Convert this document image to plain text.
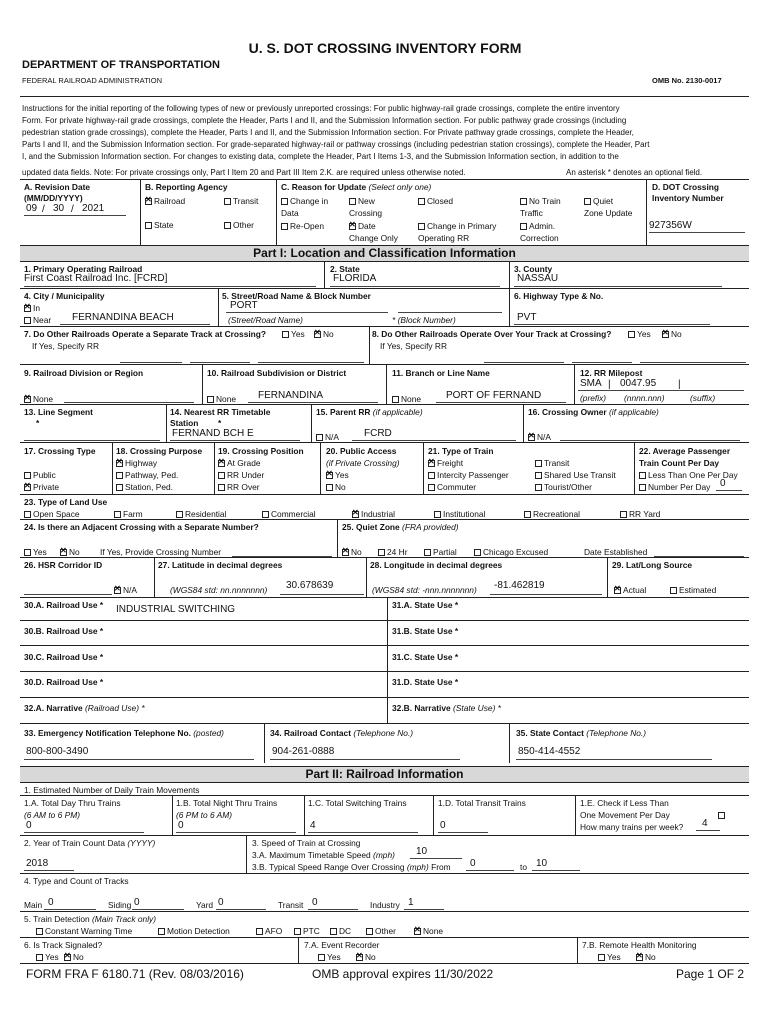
U. S. DOT CROSSING INVENTORY FORM
DEPARTMENT OF TRANSPORTATION
FEDERAL RAILROAD ADMINISTRATION	OMB No. 2130-0017
Instructions for the initial reporting of the following types of new or previously unreported crossings: For public highway-rail grade crossings, complete the entire inventory
Form. For private highway-rail grade crossings, complete the Header, Parts I and II, and the Submission Information section. For public pathway grade crossings (including
pedestrian station grade crossings), complete the Header, Parts I and II, and the Submission Information section. For Private pathway grade crossings, complete the Header,
Parts I and II, and the Submission Information section. For grade-separated highway-rail or pathway crossings (including pedestrian station crossings), complete the Header, Part
I, and the Submission Information section. For changes to existing data, complete the Header, Part I Items 1-3, and the Submission Information section, in addition to the
updated data fields. Note: For private crossings only, Part I Item 20 and Part III Item 2.K. are required unless otherwise noted.	An asterisk * denotes an optional field.
A. Revision Date
(MM/DD/YYYY)
09 / 30 / 2021
B. Reporting Agency
✕Railroad	Transit
State	Other
C. Reason for Update (Select only one)
Change in
Data
New
Crossing
Closed	No Train
Traffic
Quiet
Zone Update
Re-Open ✕	Date
Change Only
Change in Primary
Operating RR
Admin.
Correction
D. DOT Crossing
Inventory Number
927356W
Part I: Location and Classification Information
1. Primary Operating Railroad
First Coast Railroad Inc. [FCRD]
2. State
FLORIDA
3. County
NASSAU
4. City / Municipality
✕In
Near FERNANDINA BEACH
5. Street/Road Name & Block Number
PORT
(Street/Road Name)	* (Block Number)
6. Highway Type & No.
PVT
7. Do Other Railroads Operate a Separate Track at Crossing?	Yes ✕	No
If Yes, Specify RR
8. Do Other Railroads Operate Over Your Track at Crossing?	Yes ✕	No
If Yes, Specify RR
9. Railroad Division or Region
✕None
10. Railroad Subdivision or District
None FERNANDINA
11. Branch or Line Name
None PORT OF FERNAND
12. RR Milepost
SMA | 0047.95 |
(prefix) (nnnn.nnn)	(suffix)
13. Line Segment
*
14. Nearest RR Timetable
Station *
FERNAND BCH E
15. Parent RR (if applicable)
N/A	FCRD
16. Crossing Owner (if applicable)
✕N/A
17. Crossing Type
Public
✕Private
18. Crossing Purpose
✕Highway
Pathway, Ped.
Station, Ped.
19. Crossing Position
✕At Grade
RR Under
RR Over
20. Public Access
(if Private Crossing)
✕Yes
No
21. Type of Train
✕Freight
Intercity Passenger
Commuter
Transit
Shared Use Transit
Tourist/Other
22. Average Passenger
Train Count Per Day
Less Than One Per Day
Number Per Day 0
23. Type of Land Use
Open Space	Farm	Residential	Commercial ✕	Industrial	Institutional	Recreational	RR Yard
24. Is there an Adjacent Crossing with a Separate Number?
Yes ✕	No If Yes, Provide Crossing Number
25. Quiet Zone (FRA provided)
✕No	24 Hr	Partial	Chicago Excused	Date Established
26. HSR Corridor ID
✕N/A
27. Latitude in decimal degrees
(WGS84 std: nn.nnnnnnn) 30.678639
28. Longitude in decimal degrees
(WGS84 std: -nnn.nnnnnnn) -81.462819
29. Lat/Long Source
✕Actual	Estimated
30.A. Railroad Use * INDUSTRIAL SWITCHING	31.A. State Use *
30.B. Railroad Use *	31.B. State Use *
30.C. Railroad Use *	31.C. State Use *
30.D. Railroad Use *	31.D. State Use *
32.A. Narrative (Railroad Use) *	32.B. Narrative (State Use) *
33. Emergency Notification Telephone No. (posted)
800-800-3490
34. Railroad Contact (Telephone No.)
904-261-0888
35. State Contact (Telephone No.)
850-414-4552
Part II: Railroad Information
1. Estimated Number of Daily Train Movements
1.A. Total Day Thru Trains
(6 AM to 6 PM)
0
1.B. Total Night Thru Trains
(6 PM to 6 AM)
0
1.C. Total Switching Trains
4
1.D. Total Transit Trains
0
1.E. Check if Less Than
One Movement Per Day
How many trains per week? 4
2. Year of Train Count Data (YYYY)
2018
3. Speed of Train at Crossing
3.A. Maximum Timetable Speed (mph) 10
3.B. Typical Speed Range Over Crossing (mph) From 0	to 10
4. Type and Count of Tracks
Main 0	Siding 0	Yard 0	Transit 0	Industry 1
5. Train Detection (Main Track only)
Constant Warning Time	Motion Detection	AFO	PTC	DC	Other ✕	None
6. Is Track Signaled?
Yes ✕	No
7.A. Event Recorder
Yes ✕	No
7.B. Remote Health Monitoring
Yes ✕	No
FORM FRA F 6180.71 (Rev. 08/03/2016)	OMB approval expires 11/30/2022	Page 1 OF 2
